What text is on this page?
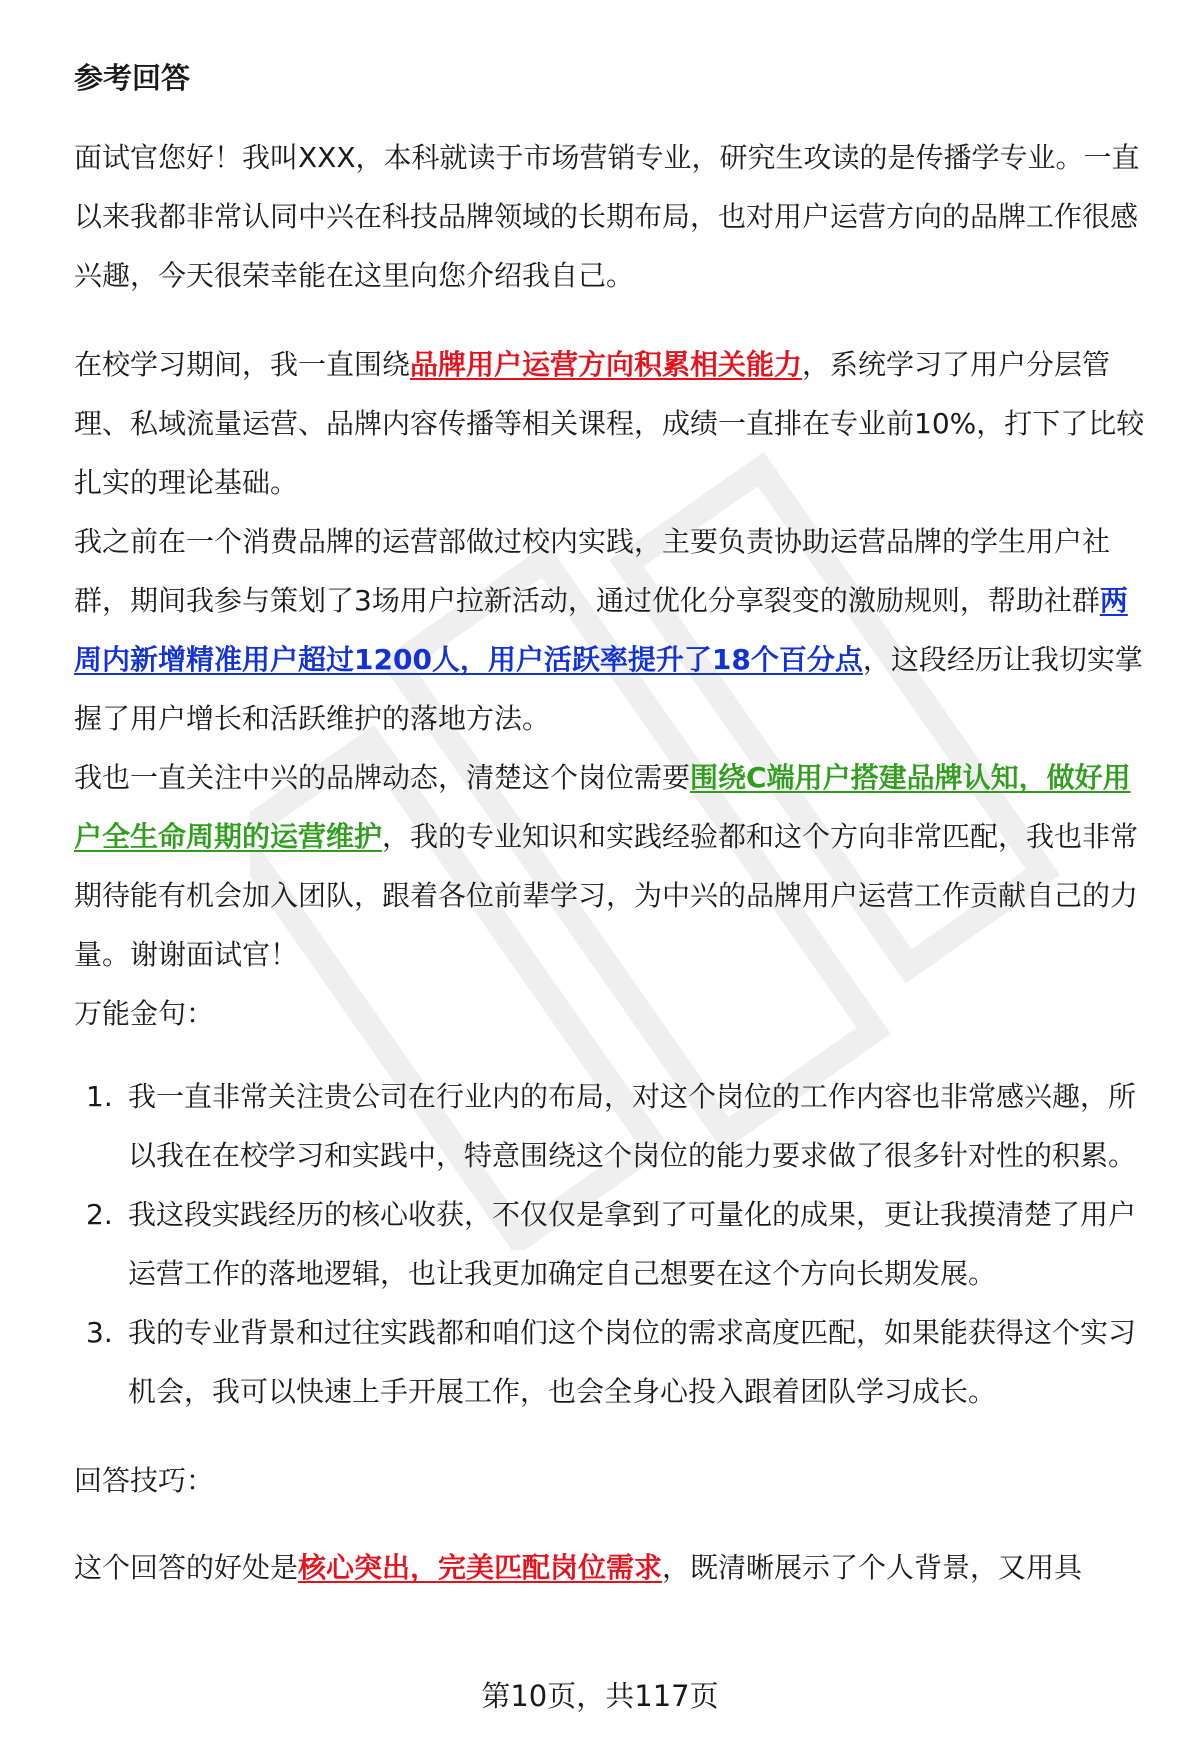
参考回答

面试官您好！我叫XXX，本科就读于市场营销专业，研究生攻读的是传播学专业。一直以来我都非常认同中兴在科技品牌领域的长期布局，也对用户运营方向的品牌工作很感兴趣，今天很荣幸能在这里向您介绍我自己。

在校学习期间，我一直围绕品牌用户运营方向积累相关能力，系统学习了用户分层管理、私域流量运营、品牌内容传播等相关课程，成绩一直排在专业前10%，打下了比较扎实的理论基础。

我之前在一个消费品牌的运营部做过校内实践，主要负责协助运营品牌的学生用户社群，期间我参与策划了3场用户拉新活动，通过优化分享裂变的激励规则，帮助社群两周内新增精准用户超过1200人，用户活跃率提升了18个百分点，这段经历让我切实掌握了用户增长和活跃维护的落地方法。

我也一直关注中兴的品牌动态，清楚这个岗位需要围绕C端用户搭建品牌认知，做好用户全生命周期的运营维护，我的专业知识和实践经验都和这个方向非常匹配，我也非常期待能有机会加入团队，跟着各位前辈学习，为中兴的品牌用户运营工作贡献自己的力量。谢谢面试官！

万能金句：

1. 我一直非常关注贵公司在行业内的布局，对这个岗位的工作内容也非常感兴趣，所以我在在校学习和实践中，特意围绕这个岗位的能力要求做了很多针对性的积累。
2. 我这段实践经历的核心收获，不仅仅是拿到了可量化的成果，更让我摸清楚了用户运营工作的落地逻辑，也让我更加确定自己想要在这个方向长期发展。
3. 我的专业背景和过往实践都和咱们这个岗位的需求高度匹配，如果能获得这个实习机会，我可以快速上手开展工作，也会全身心投入跟着团队学习成长。

回答技巧：

这个回答的好处是核心突出，完美匹配岗位需求，既清晰展示了个人背景，又用具

第10页，共117页
